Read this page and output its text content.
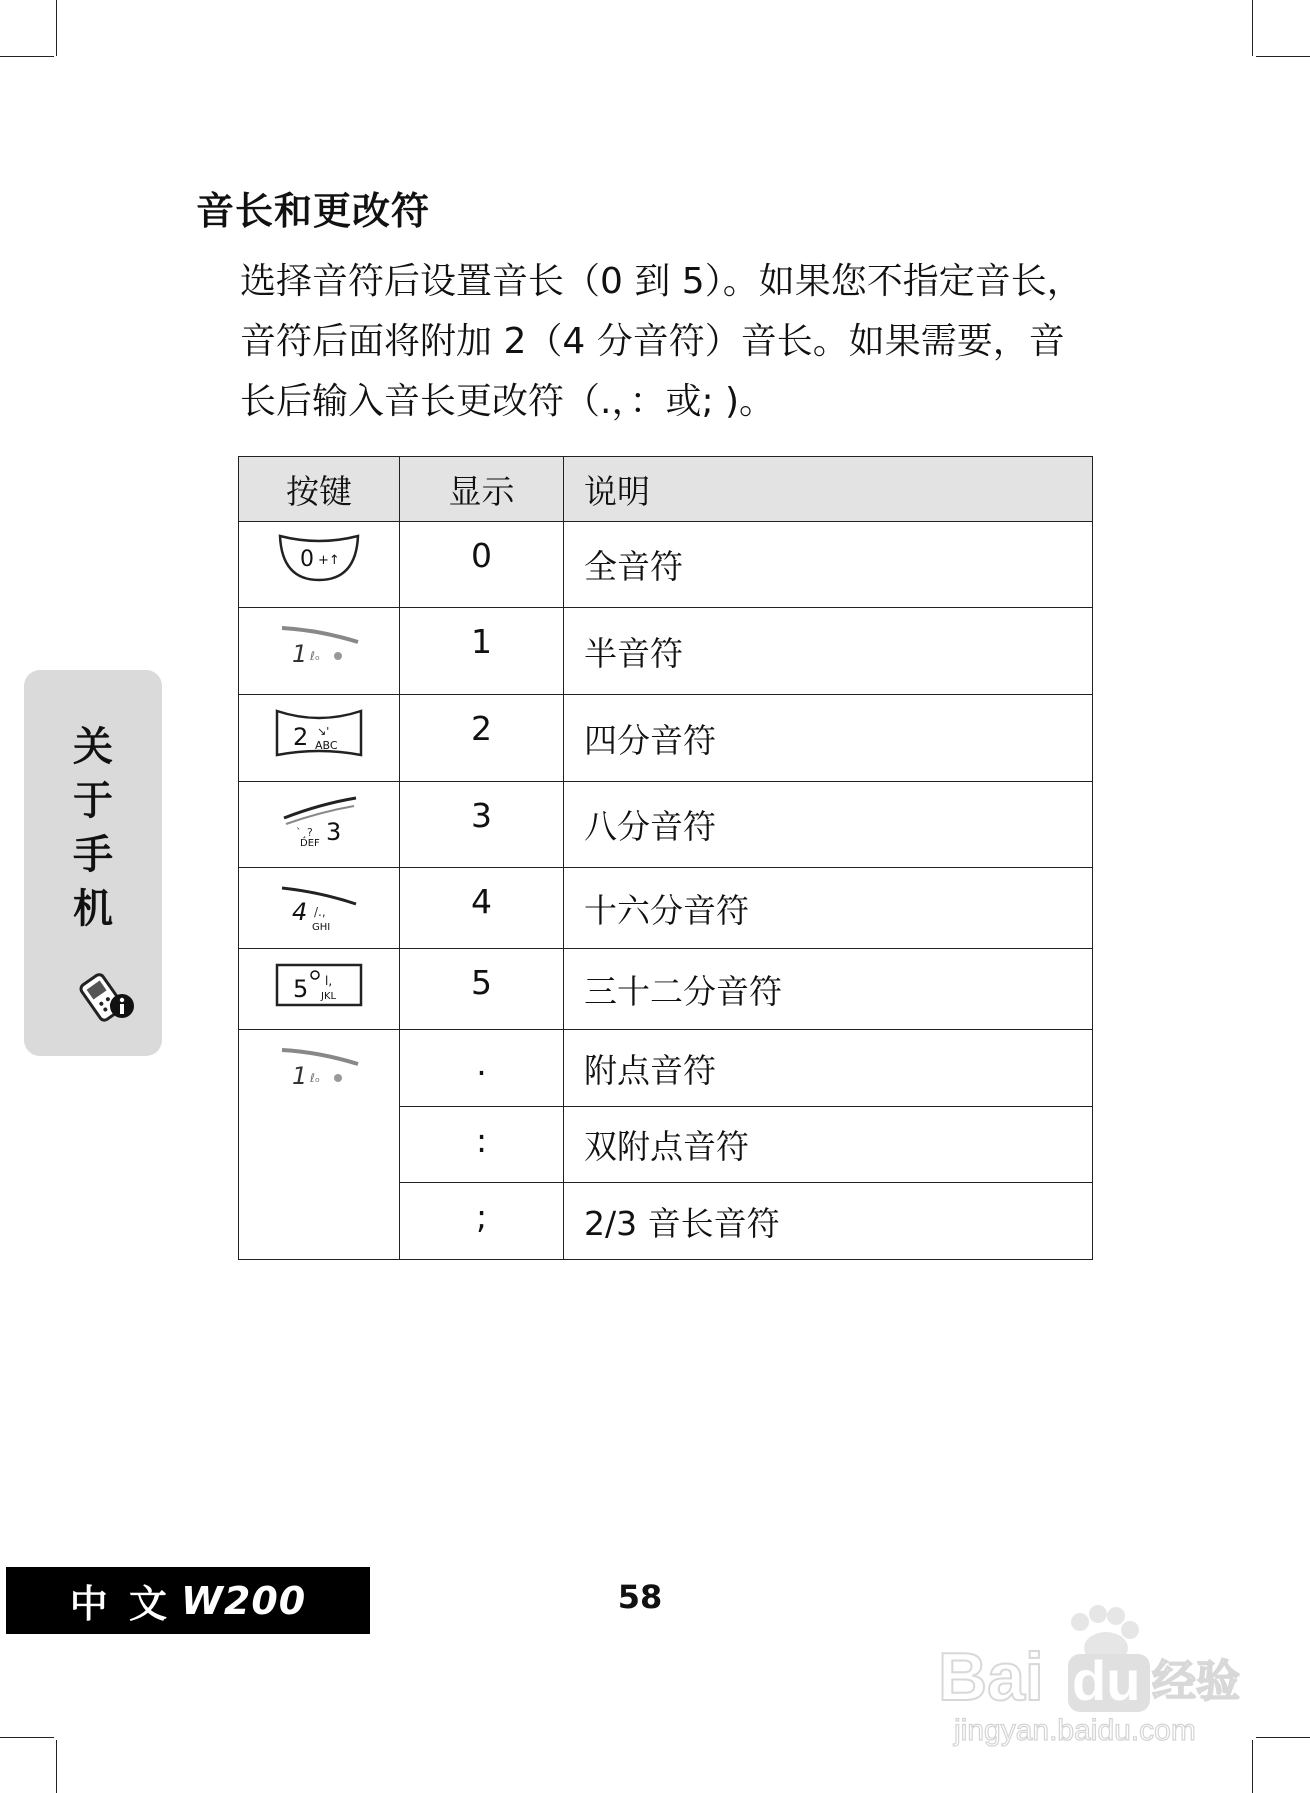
音长和更改符
选择音符后设置音长（0 到 5）。如果您不指定音长，
音符后面将附加 2（4 分音符）音长。如果需要，音
长后输入音长更改符（.，：或; )。
按键	显示	说明

0 +↑	0	全音符

1 ℓₒ	1	半音符

2 ↘'
ABC	2	四分音符

`¸? 3
DEF	3	八分音符

4 /.,
GHI	4	十六分音符

5 l,
JKL	5	三十二分音符

1 ℓₒ	.	附点音符
	:	双附点音符
	;	2/3 音长音符
关
于
手
机
中 文 W200	58
Bai du 经验
jingyan.baidu.com
